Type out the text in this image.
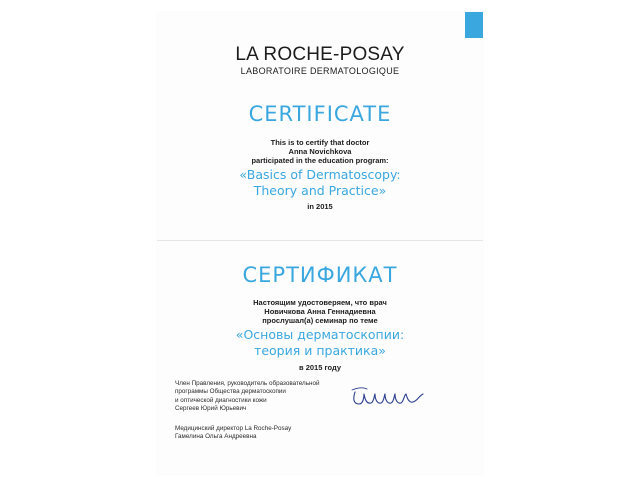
LA ROCHE-POSAY
LABORATOIRE DERMATOLOGIQUE
CERTIFICATE
This is to certify that doctor
Anna Novichkova
participated in the education program:
«Basics of Dermatoscopy:
Theory and Practice»
in 2015
СЕРТИФИКАТ
Настоящим удостоверяем, что врач
Новичкова Анна Геннадиевна
прослушал(а) семинар по теме
«Основы дерматоскопии:
теория и практика»
в 2015 году
Член Правления, руководитель образовательной
программы Общества дерматоскопии
и оптической диагностики кожи
Сергеев Юрий Юрьевич
Медицинский директор La Roche-Posay
Гамелина Ольга Андреевна
